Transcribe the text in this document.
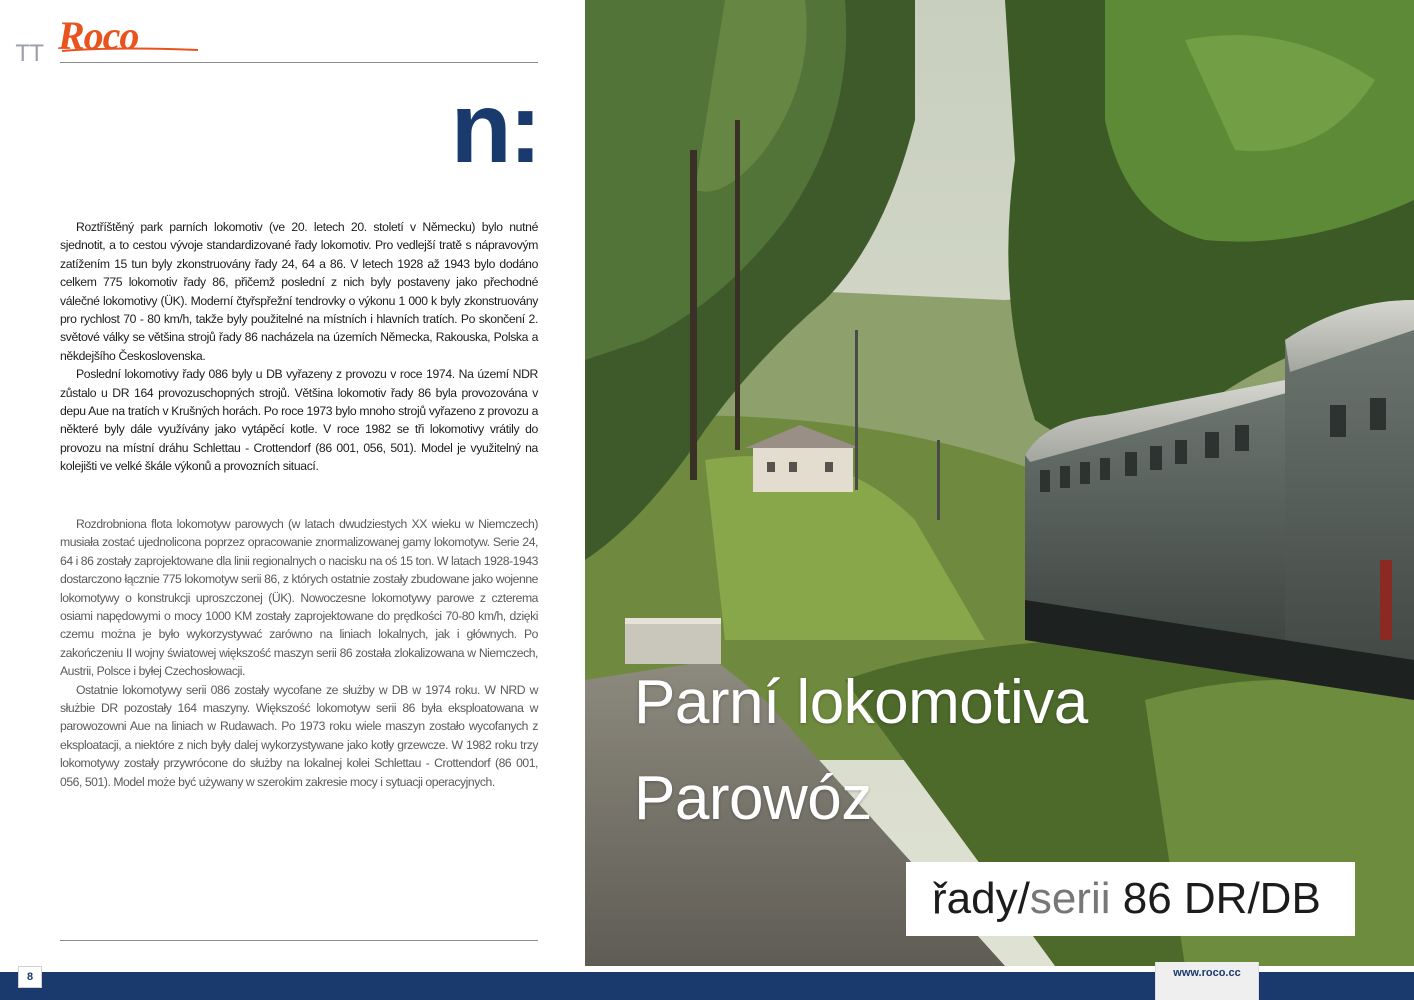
TT Roco
n:

Roztříštěný park parních lokomotiv (ve 20. letech 20. století v Německu) bylo nutné sjednotit, a to cestou vývoje standardizované řady lokomotiv. Pro vedlejší tratě s nápravovým zatížením 15 tun byly zkonstruovány řady 24, 64 a 86. V letech 1928 až 1943 bylo dodáno celkem 775 lokomotiv řady 86, přičemž poslední z nich byly postaveny jako přechodné válečné lokomotivy (ÜK). Moderní čtyřspřežní tendrovky o výkonu 1 000 k byly zkonstruovány pro rychlost 70 - 80 km/h, takže byly použitelné na místních i hlavních tratích. Po skončení 2. světové války se většina strojů řady 86 nacházela na územích Německa, Rakouska, Polska a někdejšího Československa.

Poslední lokomotivy řady 086 byly u DB vyřazeny z provozu v roce 1974. Na území NDR zůstalo u DR 164 provozuschopných strojů. Většina lokomotiv řady 86 byla provozována v depu Aue na tratích v Krušných horách. Po roce 1973 bylo mnoho strojů vyřazeno z provozu a některé byly dále využívány jako vytápěcí kotle. V roce 1982 se tři lokomotivy vrátily do provozu na místní dráhu Schlettau - Crottendorf (86 001, 056, 501). Model je využitelný na kolejišti ve velké škále výkonů a provozních situací.

Rozdrobniona flota lokomotyw parowych (w latach dwudziestych XX wieku w Niemczech) musiała zostać ujednolicona poprzez opracowanie znormalizowanej gamy lokomotyw. Serie 24, 64 i 86 zostały zaprojektowane dla linii regionalnych o nacisku na oś 15 ton. W latach 1928-1943 dostarczono łącznie 775 lokomotyw serii 86, z których ostatnie zostały zbudowane jako wojenne lokomotywy o konstrukcji uproszczonej (ÜK). Nowoczesne lokomotywy parowe z czterema osiami napędowymi o mocy 1000 KM zostały zaprojektowane do prędkości 70-80 km/h, dzięki czemu można je było wykorzystywać zarówno na liniach lokalnych, jak i głównych. Po zakończeniu II wojny światowej większość maszyn serii 86 została zlokalizowana w Niemczech, Austrii, Polsce i byłej Czechosłowacji.

Ostatnie lokomotywy serii 086 zostały wycofane ze służby w DB w 1974 roku. W NRD w służbie DR pozostały 164 maszyny. Większość lokomotyw serii 86 była eksploatowana w parowozowni Aue na liniach w Rudawach. Po 1973 roku wiele maszyn zostało wycofanych z eksploatacji, a niektóre z nich były dalej wykorzystywane jako kotły grzewcze. W 1982 roku trzy lokomotywy zostały przywrócone do służby na lokalnej kolei Schlettau - Crottendorf (86 001, 056, 501). Model może być używany w szerokim zakresie mocy i sytuacji operacyjnych.

Parní lokomotiva
Parowóz
řady/serii 86 DR/DB
8	www.roco.cc
